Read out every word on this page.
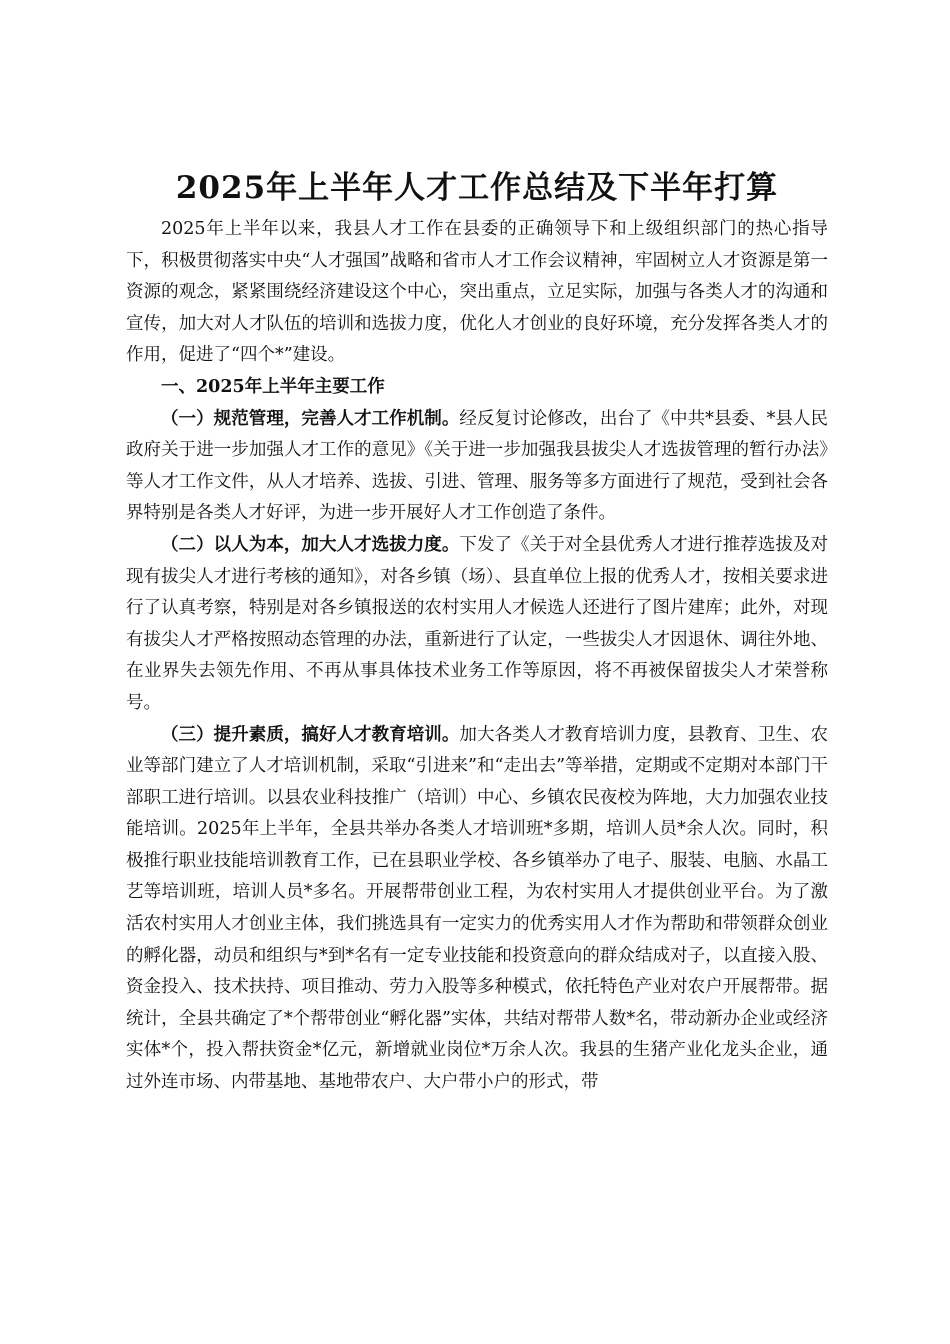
2025年上半年人才工作总结及下半年打算

2025年上半年以来，我县人才工作在县委的正确领导下和上级组织部门的热心指导下，积极贯彻落实中央“人才强国”战略和省市人才工作会议精神，牢固树立人才资源是第一资源的观念，紧紧围绕经济建设这个中心，突出重点，立足实际，加强与各类人才的沟通和宣传，加大对人才队伍的培训和选拔力度，优化人才创业的良好环境，充分发挥各类人才的作用，促进了“四个*”建设。

一、2025年上半年主要工作

（一）规范管理，完善人才工作机制。经反复讨论修改，出台了《中共*县委、*县人民政府关于进一步加强人才工作的意见》《关于进一步加强我县拔尖人才选拔管理的暂行办法》等人才工作文件，从人才培养、选拔、引进、管理、服务等多方面进行了规范，受到社会各界特别是各类人才好评，为进一步开展好人才工作创造了条件。

（二）以人为本，加大人才选拔力度。下发了《关于对全县优秀人才进行推荐选拔及对现有拔尖人才进行考核的通知》，对各乡镇（场）、县直单位上报的优秀人才，按相关要求进行了认真考察，特别是对各乡镇报送的农村实用人才候选人还进行了图片建库；此外，对现有拔尖人才严格按照动态管理的办法，重新进行了认定，一些拔尖人才因退休、调往外地、在业界失去领先作用、不再从事具体技术业务工作等原因，将不再被保留拔尖人才荣誉称号。

（三）提升素质，搞好人才教育培训。加大各类人才教育培训力度，县教育、卫生、农业等部门建立了人才培训机制，采取“引进来”和“走出去”等举措，定期或不定期对本部门干部职工进行培训。以县农业科技推广（培训）中心、乡镇农民夜校为阵地，大力加强农业技能培训。2025年上半年，全县共举办各类人才培训班*多期，培训人员*余人次。同时，积极推行职业技能培训教育工作，已在县职业学校、各乡镇举办了电子、服装、电脑、水晶工艺等培训班，培训人员*多名。开展帮带创业工程，为农村实用人才提供创业平台。为了激活农村实用人才创业主体，我们挑选具有一定实力的优秀实用人才作为帮助和带领群众创业的孵化器，动员和组织与*到*名有一定专业技能和投资意向的群众结成对子，以直接入股、资金投入、技术扶持、项目推动、劳力入股等多种模式，依托特色产业对农户开展帮带。据统计，全县共确定了*个帮带创业“孵化器”实体，共结对帮带人数*名，带动新办企业或经济实体*个，投入帮扶资金*亿元，新增就业岗位*万余人次。我县的生猪产业化龙头企业，通过外连市场、内带基地、基地带农户、大户带小户的形式，带
